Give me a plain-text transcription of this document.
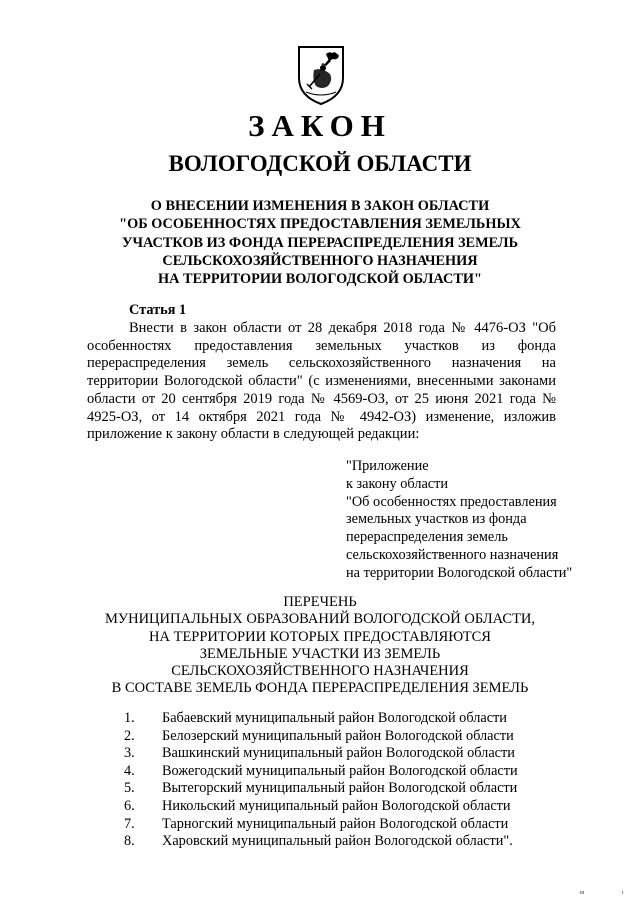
ЗАКОН
ВОЛОГОДСКОЙ ОБЛАСТИ
О ВНЕСЕНИИ ИЗМЕНЕНИЯ В ЗАКОН ОБЛАСТИ
"ОБ ОСОБЕННОСТЯХ ПРЕДОСТАВЛЕНИЯ ЗЕМЕЛЬНЫХ
УЧАСТКОВ ИЗ ФОНДА ПЕРЕРАСПРЕДЕЛЕНИЯ ЗЕМЕЛЬ
СЕЛЬСКОХОЗЯЙСТВЕННОГО НАЗНАЧЕНИЯ
НА ТЕРРИТОРИИ ВОЛОГОДСКОЙ ОБЛАСТИ"
Статья 1

Внести в закон области от 28 декабря 2018 года № 4476-ОЗ "Об особенностях предоставления земельных участков из фонда перераспределения земель сельскохозяйственного назначения на территории Вологодской области" (с изменениями, внесенными законами области от 20 сентября 2019 года № 4569-ОЗ, от 25 июня 2021 года № 4925-ОЗ, от 14 октября 2021 года № 4942-ОЗ) изменение, изложив приложение к закону области в следующей редакции:

"Приложение
к закону области
"Об особенностях предоставления
земельных участков из фонда
перераспределения земель
сельскохозяйственного назначения
на территории Вологодской области"
ПЕРЕЧЕНЬ
МУНИЦИПАЛЬНЫХ ОБРАЗОВАНИЙ ВОЛОГОДСКОЙ ОБЛАСТИ,
НА ТЕРРИТОРИИ КОТОРЫХ ПРЕДОСТАВЛЯЮТСЯ
ЗЕМЕЛЬНЫЕ УЧАСТКИ ИЗ ЗЕМЕЛЬ
СЕЛЬСКОХОЗЯЙСТВЕННОГО НАЗНАЧЕНИЯ
В СОСТАВЕ ЗЕМЕЛЬ ФОНДА ПЕРЕРАСПРЕДЕЛЕНИЯ ЗЕМЕЛЬ
1.	Бабаевский муниципальный район Вологодской области
2.	Белозерский муниципальный район Вологодской области
3.	Вашкинский муниципальный район Вологодской области
4.	Вожегодский муниципальный район Вологодской области
5.	Вытегорский муниципальный район Вологодской области
6.	Никольский муниципальный район Вологодской области
7.	Тарногский муниципальный район Вологодской области
8.	Харовский муниципальный район Вологодской области".
ııı	ı
